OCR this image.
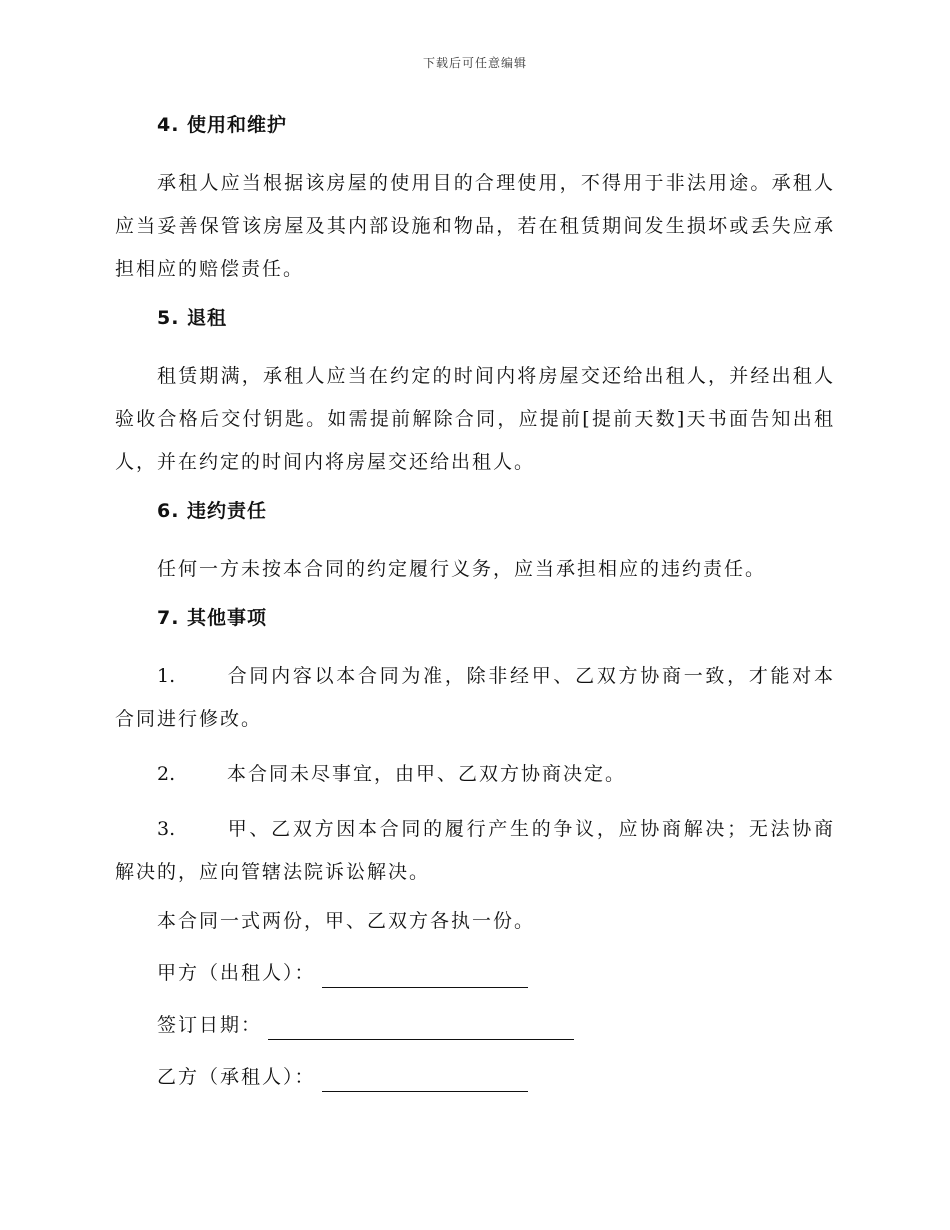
下载后可任意编辑
4. 使用和维护

承租人应当根据该房屋的使用目的合理使用，不得用于非法用途。承租人应当妥善保管该房屋及其内部设施和物品，若在租赁期间发生损坏或丢失应承担相应的赔偿责任。

5. 退租

租赁期满，承租人应当在约定的时间内将房屋交还给出租人，并经出租人验收合格后交付钥匙。如需提前解除合同，应提前[提前天数]天书面告知出租人，并在约定的时间内将房屋交还给出租人。

6. 违约责任

任何一方未按本合同的约定履行义务，应当承担相应的违约责任。

7. 其他事项

1.	合同内容以本合同为准，除非经甲、乙双方协商一致，才能对本合同进行修改。

2.	本合同未尽事宜，由甲、乙双方协商决定。

3.	甲、乙双方因本合同的履行产生的争议，应协商解决；无法协商解决的，应向管辖法院诉讼解决。

本合同一式两份，甲、乙双方各执一份。
甲方（出租人）：
签订日期：
乙方（承租人）：
